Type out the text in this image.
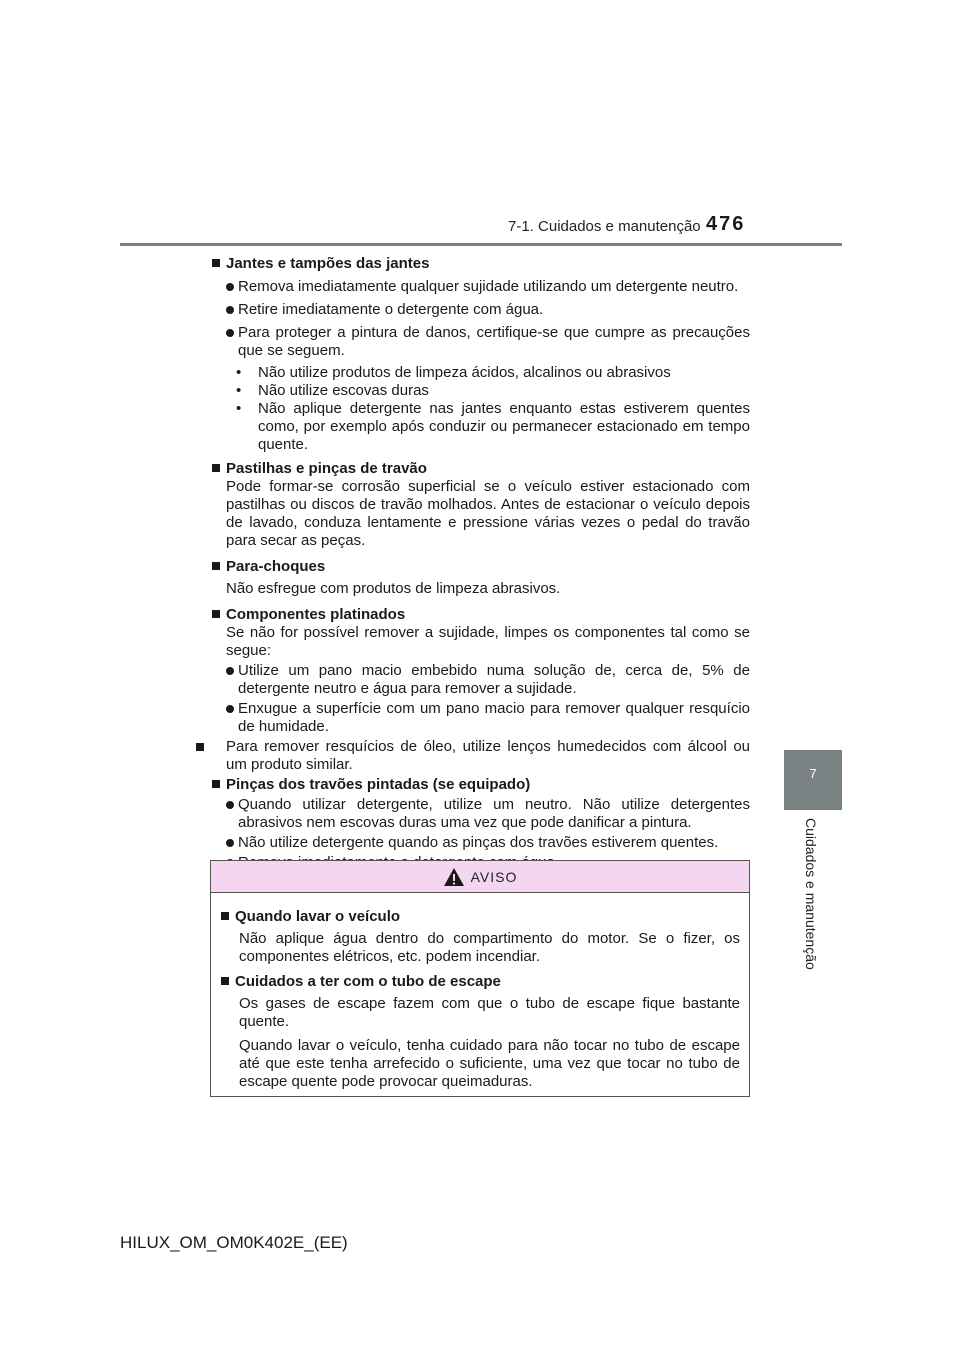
7-1. Cuidados e manutenção 476
7
Cuidados e manutenção
Jantes e tampões das jantes
Remova imediatamente qualquer sujidade utilizando um detergente neutro.
Retire imediatamente o detergente com água.
Para proteger a pintura de danos, certifique-se que cumpre as precauções que se seguem.
• Não utilize produtos de limpeza ácidos, alcalinos ou abrasivos
• Não utilize escovas duras
• Não aplique detergente nas jantes enquanto estas estiverem quentes como, por exemplo após conduzir ou permanecer estacionado em tempo quente.
Pastilhas e pinças de travão
Pode formar-se corrosão superficial se o veículo estiver estacionado com pastilhas ou discos de travão molhados. Antes de estacionar o veículo depois de lavado, conduza lentamente e pressione várias vezes o pedal do travão para secar as peças.
Para-choques
Não esfregue com produtos de limpeza abrasivos.
Componentes platinados
Se não for possível remover a sujidade, limpes os componentes tal como se segue:
Utilize um pano macio embebido numa solução de, cerca de, 5% de detergente neutro e água para remover a sujidade.
Enxugue a superfície com um pano macio para remover qualquer resquício de humidade.
Para remover resquícios de óleo, utilize lenços humedecidos com álcool ou um produto similar.
Pinças dos travões pintadas (se equipado)
Quando utilizar detergente, utilize um neutro. Não utilize detergentes abrasivos nem escovas duras uma vez que pode danificar a pintura.
Não utilize detergente quando as pinças dos travões estiverem quentes.
AVISO
Quando lavar o veículo
Não aplique água dentro do compartimento do motor. Se o fizer, os componentes elétricos, etc. podem incendiar.
Cuidados a ter com o tubo de escape
Os gases de escape fazem com que o tubo de escape fique bastante quente.
Quando lavar o veículo, tenha cuidado para não tocar no tubo de escape até que este tenha arrefecido o suficiente, uma vez que tocar no tubo de escape quente pode provocar queimaduras.
HILUX_OM_OM0K402E_(EE)
